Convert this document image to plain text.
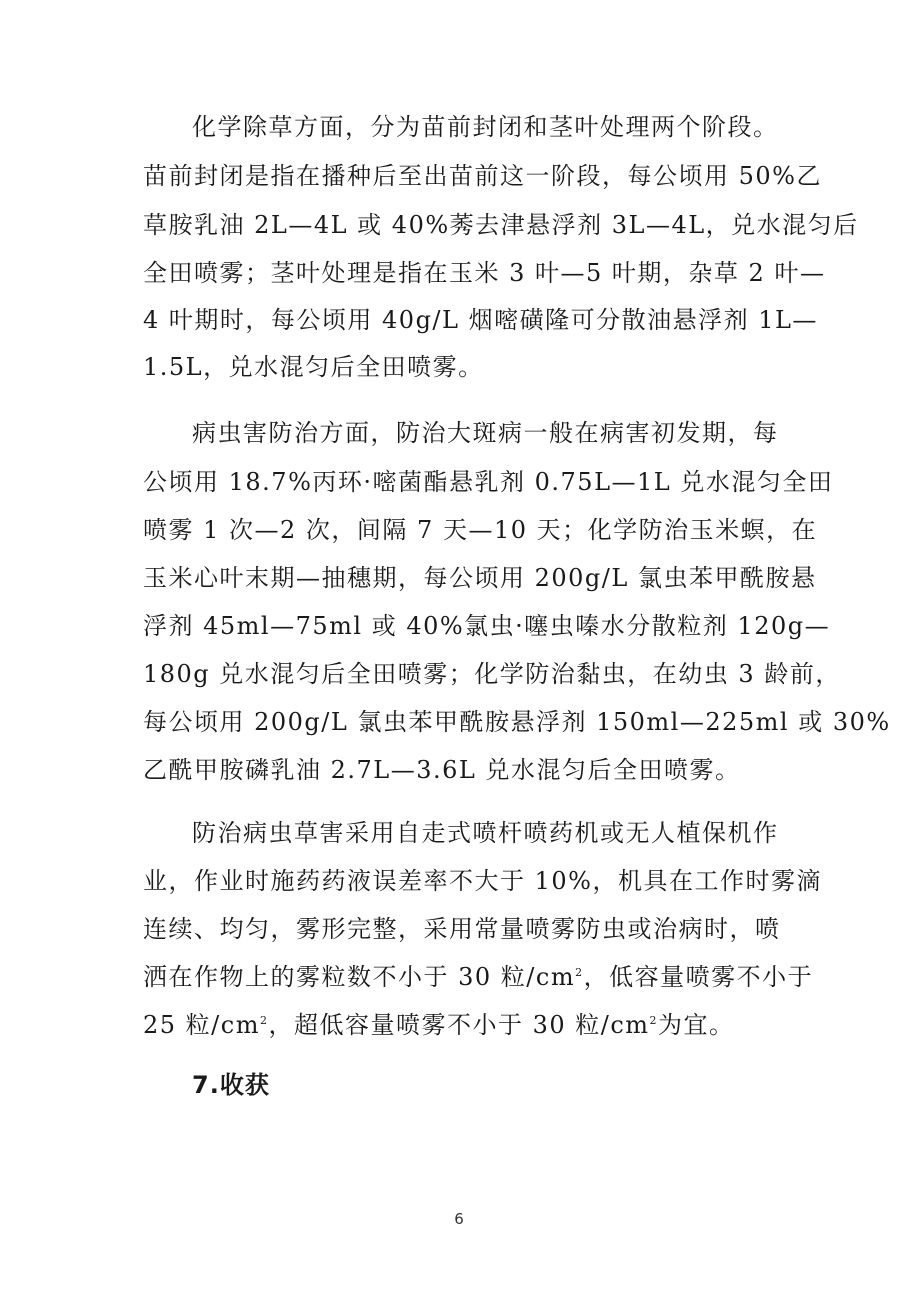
化学除草方面，分为苗前封闭和茎叶处理两个阶段。
苗前封闭是指在播种后至出苗前这一阶段，每公顷用 50%乙
草胺乳油 2L—4L 或 40%莠去津悬浮剂 3L—4L，兑水混匀后
全田喷雾；茎叶处理是指在玉米 3 叶—5 叶期，杂草 2 叶—
4 叶期时，每公顷用 40g/L 烟嘧磺隆可分散油悬浮剂 1L—
1.5L，兑水混匀后全田喷雾。
病虫害防治方面，防治大斑病一般在病害初发期，每
公顷用 18.7%丙环·嘧菌酯悬乳剂 0.75L—1L 兑水混匀全田
喷雾 1 次—2 次，间隔 7 天—10 天；化学防治玉米螟，在
玉米心叶末期—抽穗期，每公顷用 200g/L 氯虫苯甲酰胺悬
浮剂 45ml—75ml 或 40%氯虫·噻虫嗪水分散粒剂 120g—
180g 兑水混匀后全田喷雾；化学防治黏虫，在幼虫 3 龄前，
每公顷用 200g/L 氯虫苯甲酰胺悬浮剂 150ml—225ml 或 30%
乙酰甲胺磷乳油 2.7L—3.6L 兑水混匀后全田喷雾。
防治病虫草害采用自走式喷杆喷药机或无人植保机作
业，作业时施药药液误差率不大于 10%，机具在工作时雾滴
连续、均匀，雾形完整，采用常量喷雾防虫或治病时，喷
洒在作物上的雾粒数不小于 30 粒$/cm^2$，低容量喷雾不小于
25 粒$/cm^2$，超低容量喷雾不小于 30 粒$/cm^2$为宜。
7.收获
6
